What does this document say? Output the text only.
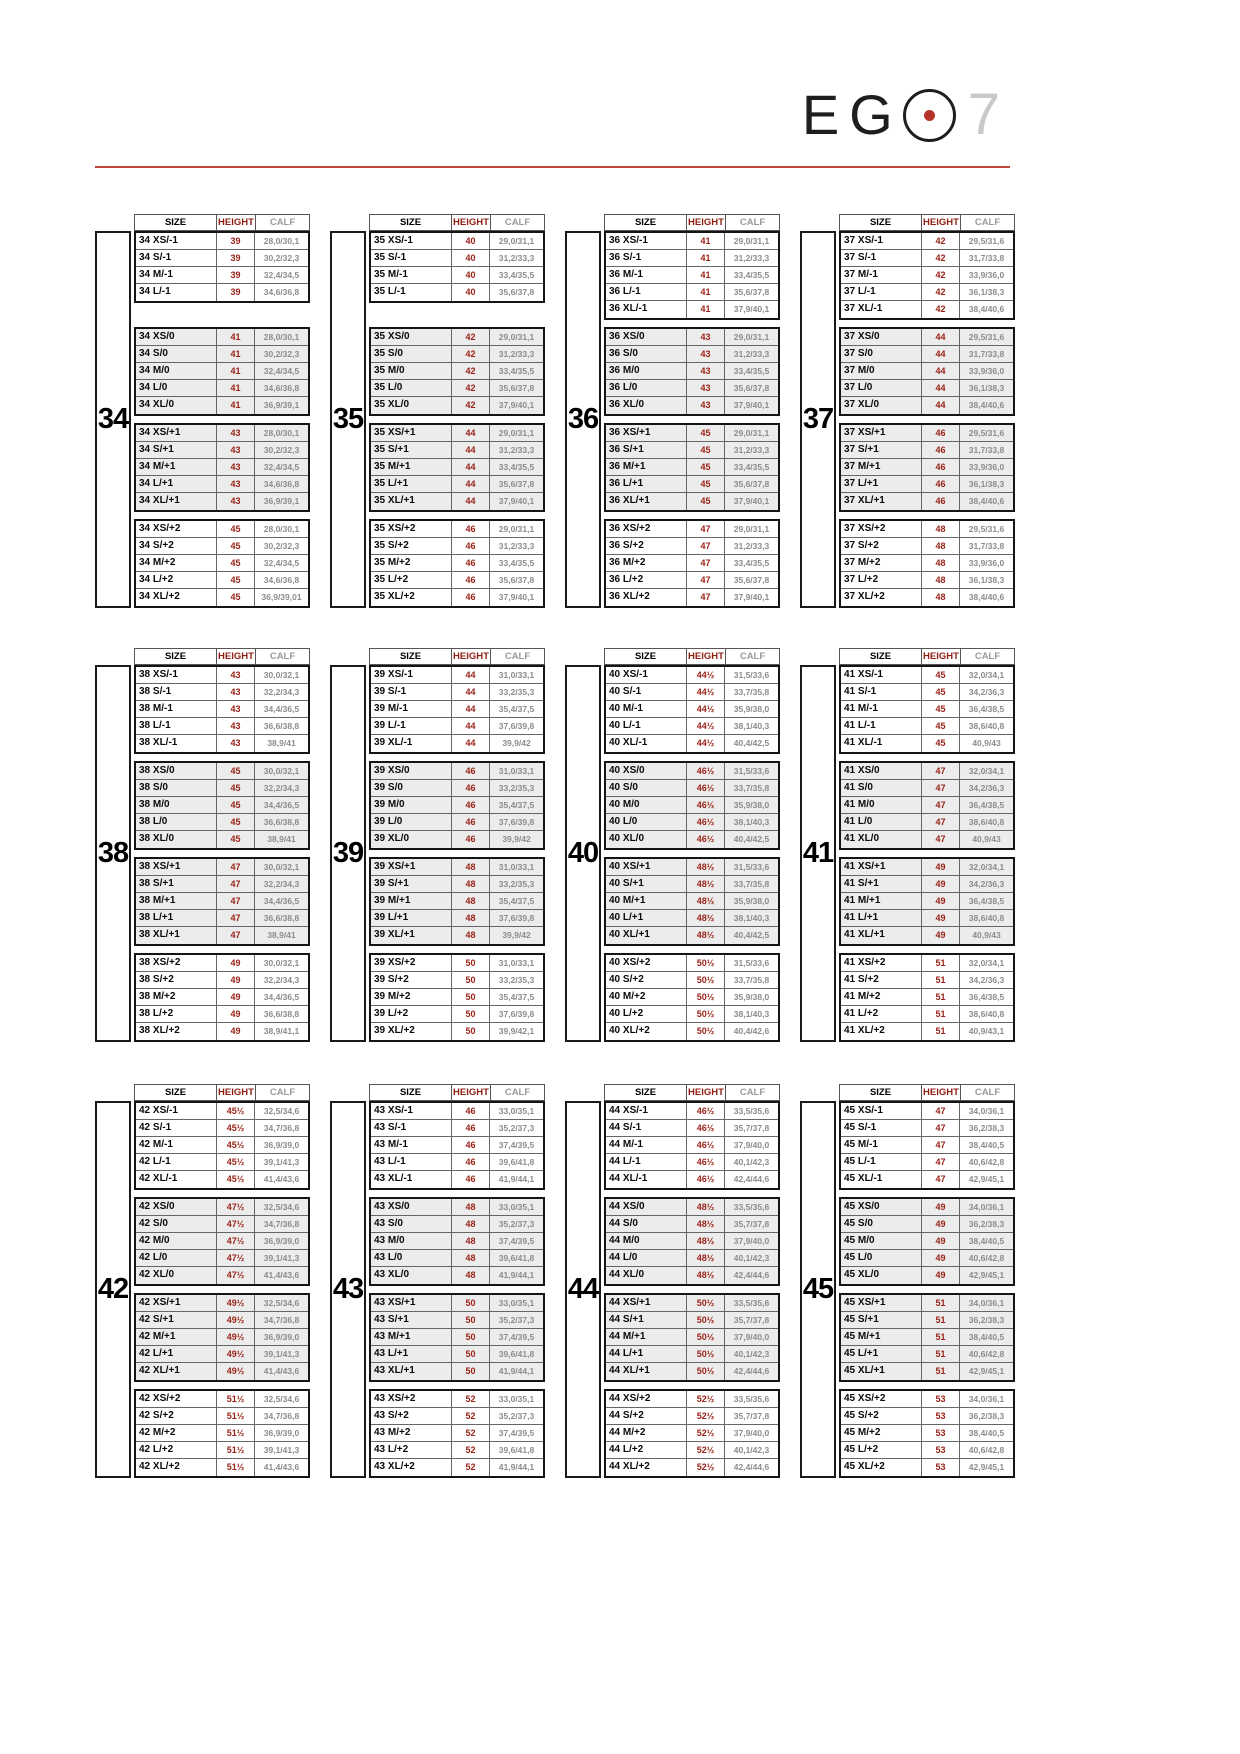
EG 7
34
SIZE	HEIGHT	CALF
34 XS/-1	39	28,0/30,1
34 S/-1	39	30,2/32,3
34 M/-1	39	32,4/34,5
34 L/-1	39	34,6/36,8
34 XS/0	41	28,0/30,1
34 S/0	41	30,2/32,3
34 M/0	41	32,4/34,5
34 L/0	41	34,6/36,8
34 XL/0	41	36,9/39,1
34 XS/+1	43	28,0/30,1
34 S/+1	43	30,2/32,3
34 M/+1	43	32,4/34,5
34 L/+1	43	34,6/36,8
34 XL/+1	43	36,9/39,1
34 XS/+2	45	28,0/30,1
34 S/+2	45	30,2/32,3
34 M/+2	45	32,4/34,5
34 L/+2	45	34,6/36,8
34 XL/+2	45	36,9/39,01
35
SIZE	HEIGHT	CALF
35 XS/-1	40	29,0/31,1
35 S/-1	40	31,2/33,3
35 M/-1	40	33,4/35,5
35 L/-1	40	35,6/37,8
35 XS/0	42	29,0/31,1
35 S/0	42	31,2/33,3
35 M/0	42	33,4/35,5
35 L/0	42	35,6/37,8
35 XL/0	42	37,9/40,1
35 XS/+1	44	29,0/31,1
35 S/+1	44	31,2/33,3
35 M/+1	44	33,4/35,5
35 L/+1	44	35,6/37,8
35 XL/+1	44	37,9/40,1
35 XS/+2	46	29,0/31,1
35 S/+2	46	31,2/33,3
35 M/+2	46	33,4/35,5
35 L/+2	46	35,6/37,8
35 XL/+2	46	37,9/40,1
36
SIZE	HEIGHT	CALF
36 XS/-1	41	29,0/31,1
36 S/-1	41	31,2/33,3
36 M/-1	41	33,4/35,5
36 L/-1	41	35,6/37,8
36 XL/-1	41	37,9/40,1
36 XS/0	43	29,0/31,1
36 S/0	43	31,2/33,3
36 M/0	43	33,4/35,5
36 L/0	43	35,6/37,8
36 XL/0	43	37,9/40,1
36 XS/+1	45	29,0/31,1
36 S/+1	45	31,2/33,3
36 M/+1	45	33,4/35,5
36 L/+1	45	35,6/37,8
36 XL/+1	45	37,9/40,1
36 XS/+2	47	29,0/31,1
36 S/+2	47	31,2/33,3
36 M/+2	47	33,4/35,5
36 L/+2	47	35,6/37,8
36 XL/+2	47	37,9/40,1
37
SIZE	HEIGHT	CALF
37 XS/-1	42	29,5/31,6
37 S/-1	42	31,7/33,8
37 M/-1	42	33,9/36,0
37 L/-1	42	36,1/38,3
37 XL/-1	42	38,4/40,6
37 XS/0	44	29,5/31,6
37 S/0	44	31,7/33,8
37 M/0	44	33,9/36,0
37 L/0	44	36,1/38,3
37 XL/0	44	38,4/40,6
37 XS/+1	46	29,5/31,6
37 S/+1	46	31,7/33,8
37 M/+1	46	33,9/36,0
37 L/+1	46	36,1/38,3
37 XL/+1	46	38,4/40,6
37 XS/+2	48	29,5/31,6
37 S/+2	48	31,7/33,8
37 M/+2	48	33,9/36,0
37 L/+2	48	36,1/38,3
37 XL/+2	48	38,4/40,6
38
SIZE	HEIGHT	CALF
38 XS/-1	43	30,0/32,1
38 S/-1	43	32,2/34,3
38 M/-1	43	34,4/36,5
38 L/-1	43	36,6/38,8
38 XL/-1	43	38,9/41
38 XS/0	45	30,0/32,1
38 S/0	45	32,2/34,3
38 M/0	45	34,4/36,5
38 L/0	45	36,6/38,8
38 XL/0	45	38,9/41
38 XS/+1	47	30,0/32,1
38 S/+1	47	32,2/34,3
38 M/+1	47	34,4/36,5
38 L/+1	47	36,6/38,8
38 XL/+1	47	38,9/41
38 XS/+2	49	30,0/32,1
38 S/+2	49	32,2/34,3
38 M/+2	49	34,4/36,5
38 L/+2	49	36,6/38,8
38 XL/+2	49	38,9/41,1
39
SIZE	HEIGHT	CALF
39 XS/-1	44	31,0/33,1
39 S/-1	44	33,2/35,3
39 M/-1	44	35,4/37,5
39 L/-1	44	37,6/39,8
39 XL/-1	44	39,9/42
39 XS/0	46	31,0/33,1
39 S/0	46	33,2/35,3
39 M/0	46	35,4/37,5
39 L/0	46	37,6/39,8
39 XL/0	46	39,9/42
39 XS/+1	48	31,0/33,1
39 S/+1	48	33,2/35,3
39 M/+1	48	35,4/37,5
39 L/+1	48	37,6/39,8
39 XL/+1	48	39,9/42
39 XS/+2	50	31,0/33,1
39 S/+2	50	33,2/35,3
39 M/+2	50	35,4/37,5
39 L/+2	50	37,6/39,8
39 XL/+2	50	39,9/42,1
40
SIZE	HEIGHT	CALF
40 XS/-1	44½	31,5/33,6
40 S/-1	44½	33,7/35,8
40 M/-1	44½	35,9/38,0
40 L/-1	44½	38,1/40,3
40 XL/-1	44½	40,4/42,5
40 XS/0	46½	31,5/33,6
40 S/0	46½	33,7/35,8
40 M/0	46½	35,9/38,0
40 L/0	46½	38,1/40,3
40 XL/0	46½	40,4/42,5
40 XS/+1	48½	31,5/33,6
40 S/+1	48½	33,7/35,8
40 M/+1	48½	35,9/38,0
40 L/+1	48½	38,1/40,3
40 XL/+1	48½	40,4/42,5
40 XS/+2	50½	31,5/33,6
40 S/+2	50½	33,7/35,8
40 M/+2	50½	35,9/38,0
40 L/+2	50½	38,1/40,3
40 XL/+2	50½	40,4/42,6
41
SIZE	HEIGHT	CALF
41 XS/-1	45	32,0/34,1
41 S/-1	45	34,2/36,3
41 M/-1	45	36,4/38,5
41 L/-1	45	38,6/40,8
41 XL/-1	45	40,9/43
41 XS/0	47	32,0/34,1
41 S/0	47	34,2/36,3
41 M/0	47	36,4/38,5
41 L/0	47	38,6/40,8
41 XL/0	47	40,9/43
41 XS/+1	49	32,0/34,1
41 S/+1	49	34,2/36,3
41 M/+1	49	36,4/38,5
41 L/+1	49	38,6/40,8
41 XL/+1	49	40,9/43
41 XS/+2	51	32,0/34,1
41 S/+2	51	34,2/36,3
41 M/+2	51	36,4/38,5
41 L/+2	51	38,6/40,8
41 XL/+2	51	40,9/43,1
42
SIZE	HEIGHT	CALF
42 XS/-1	45½	32,5/34,6
42 S/-1	45½	34,7/36,8
42 M/-1	45½	36,9/39,0
42 L/-1	45½	39,1/41,3
42 XL/-1	45½	41,4/43,6
42 XS/0	47½	32,5/34,6
42 S/0	47½	34,7/36,8
42 M/0	47½	36,9/39,0
42 L/0	47½	39,1/41,3
42 XL/0	47½	41,4/43,6
42 XS/+1	49½	32,5/34,6
42 S/+1	49½	34,7/36,8
42 M/+1	49½	36,9/39,0
42 L/+1	49½	39,1/41,3
42 XL/+1	49½	41,4/43,6
42 XS/+2	51½	32,5/34,6
42 S/+2	51½	34,7/36,8
42 M/+2	51½	36,9/39,0
42 L/+2	51½	39,1/41,3
42 XL/+2	51½	41,4/43,6
43
SIZE	HEIGHT	CALF
43 XS/-1	46	33,0/35,1
43 S/-1	46	35,2/37,3
43 M/-1	46	37,4/39,5
43 L/-1	46	39,6/41,8
43 XL/-1	46	41,9/44,1
43 XS/0	48	33,0/35,1
43 S/0	48	35,2/37,3
43 M/0	48	37,4/39,5
43 L/0	48	39,6/41,8
43 XL/0	48	41,9/44,1
43 XS/+1	50	33,0/35,1
43 S/+1	50	35,2/37,3
43 M/+1	50	37,4/39,5
43 L/+1	50	39,6/41,8
43 XL/+1	50	41,9/44,1
43 XS/+2	52	33,0/35,1
43 S/+2	52	35,2/37,3
43 M/+2	52	37,4/39,5
43 L/+2	52	39,6/41,8
43 XL/+2	52	41,9/44,1
44
SIZE	HEIGHT	CALF
44 XS/-1	46½	33,5/35,6
44 S/-1	46½	35,7/37,8
44 M/-1	46½	37,9/40,0
44 L/-1	46½	40,1/42,3
44 XL/-1	46½	42,4/44,6
44 XS/0	48½	33,5/35,6
44 S/0	48½	35,7/37,8
44 M/0	48½	37,9/40,0
44 L/0	48½	40,1/42,3
44 XL/0	48½	42,4/44,6
44 XS/+1	50½	33,5/35,6
44 S/+1	50½	35,7/37,8
44 M/+1	50½	37,9/40,0
44 L/+1	50½	40,1/42,3
44 XL/+1	50½	42,4/44,6
44 XS/+2	52½	33,5/35,6
44 S/+2	52½	35,7/37,8
44 M/+2	52½	37,9/40,0
44 L/+2	52½	40,1/42,3
44 XL/+2	52½	42,4/44,6
45
SIZE	HEIGHT	CALF
45 XS/-1	47	34,0/36,1
45 S/-1	47	36,2/38,3
45 M/-1	47	38,4/40,5
45 L/-1	47	40,6/42,8
45 XL/-1	47	42,9/45,1
45 XS/0	49	34,0/36,1
45 S/0	49	36,2/38,3
45 M/0	49	38,4/40,5
45 L/0	49	40,6/42,8
45 XL/0	49	42,9/45,1
45 XS/+1	51	34,0/36,1
45 S/+1	51	36,2/38,3
45 M/+1	51	38,4/40,5
45 L/+1	51	40,6/42,8
45 XL/+1	51	42,9/45,1
45 XS/+2	53	34,0/36,1
45 S/+2	53	36,2/38,3
45 M/+2	53	38,4/40,5
45 L/+2	53	40,6/42,8
45 XL/+2	53	42,9/45,1
